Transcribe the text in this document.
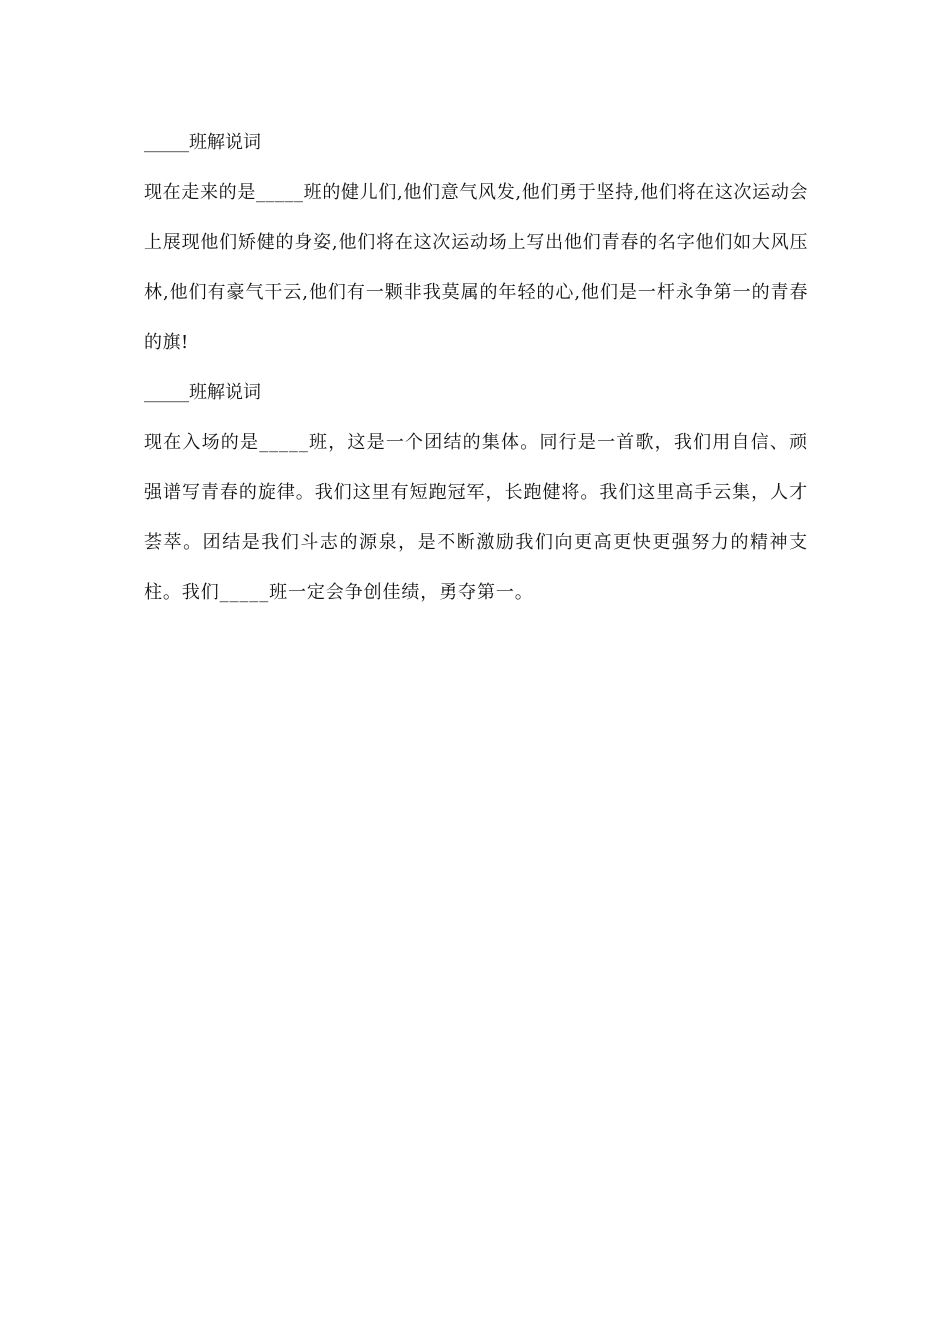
_____班解说词

现在走来的是_____班的健儿们,他们意气风发,他们勇于坚持,他们将在这次运动会上展现他们矫健的身姿,他们将在这次运动场上写出他们青春的名字他们如大风压林,他们有豪气干云,他们有一颗非我莫属的年轻的心,他们是一杆永争第一的青春的旗!

_____班解说词

现在入场的是_____班，这是一个团结的集体。同行是一首歌，我们用自信、顽强谱写青春的旋律。我们这里有短跑冠军，长跑健将。我们这里高手云集，人才荟萃。团结是我们斗志的源泉，是不断激励我们向更高更快更强努力的精神支柱。我们_____班一定会争创佳绩，勇夺第一。
